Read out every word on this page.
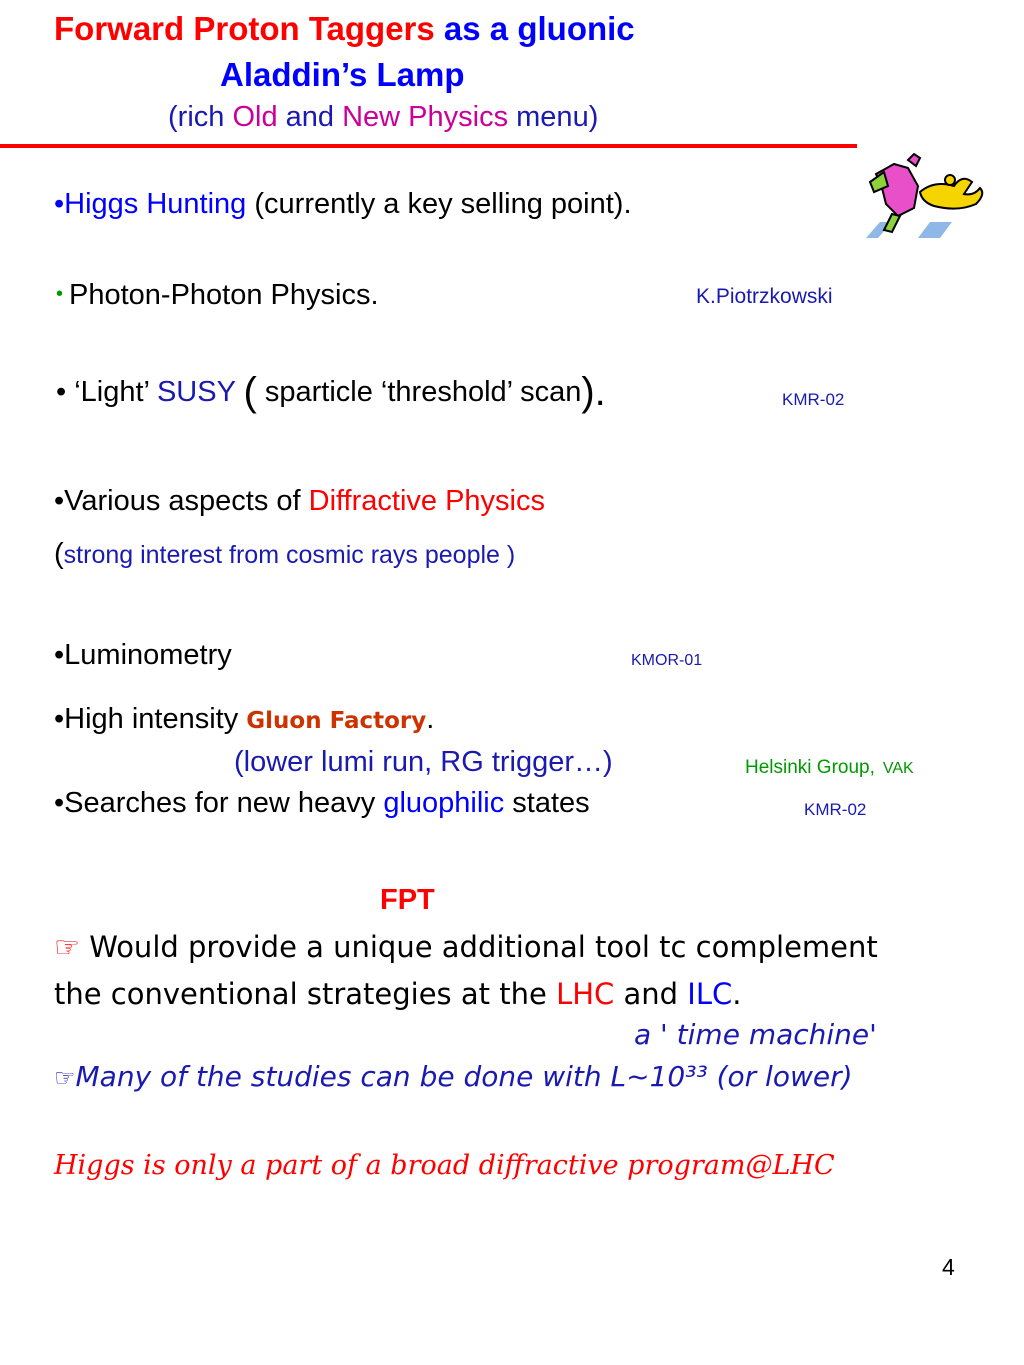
Forward Proton Taggers as a gluonic
Aladdin’s Lamp
(rich Old and New Physics menu)
•Higgs Hunting (currently a key selling point).
• Photon-Photon Physics.	K.Piotrzkowski
• ‘Light’ SUSY ( sparticle ‘threshold’ scan).	KMR-02
•Various aspects of Diffractive Physics
(strong interest from cosmic rays people )
•Luminometry	KMOR-01
•High intensity Gluon Factory.
(lower lumi run, RG trigger…)	Helsinki Group, VAK
•Searches for new heavy gluophilic states	KMR-02
FPT
☞ Would provide a unique additional tool tc complement
the conventional strategies at the LHC and ILC.
a ' time machine'
☞Many of the studies can be done with L~10³³ (or lower)
Higgs is only a part of a broad diffractive program@LHC
4
